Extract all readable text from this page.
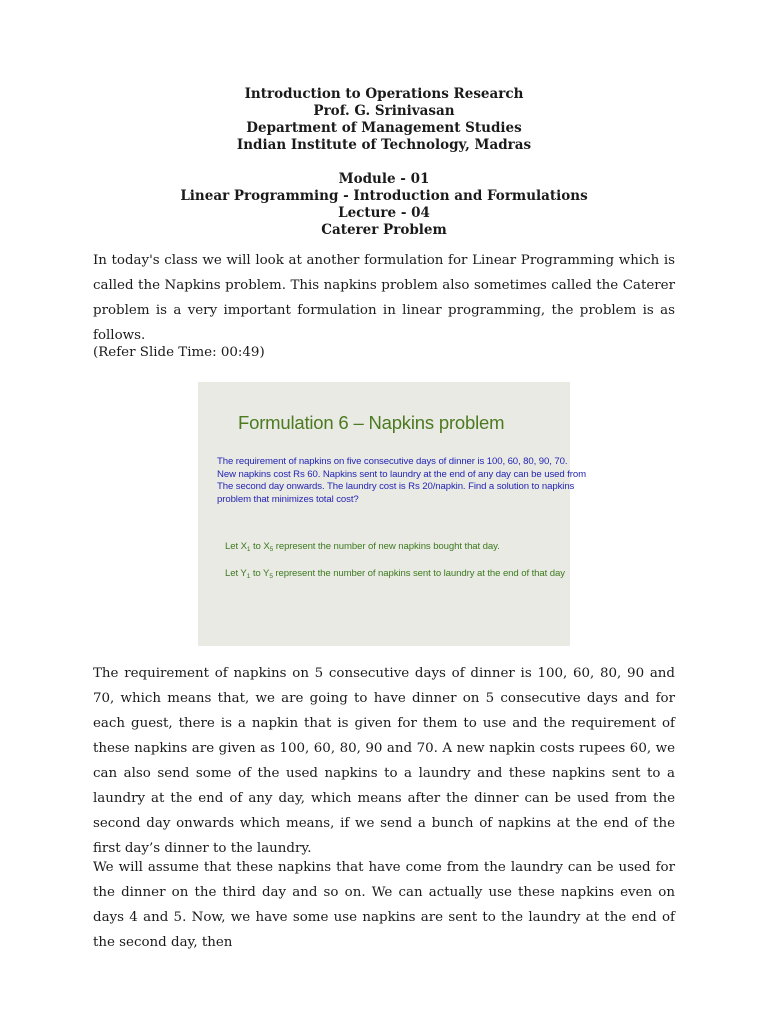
Introduction to Operations Research
Prof. G. Srinivasan
Department of Management Studies
Indian Institute of Technology, Madras
Module - 01
Linear Programming - Introduction and Formulations
Lecture - 04
Caterer Problem

In today's class we will look at another formulation for Linear Programming which is called the Napkins problem. This napkins problem also sometimes called the Caterer problem is a very important formulation in linear programming, the problem is as follows.

(Refer Slide Time: 00:49)

Formulation 6 – Napkins problem
The requirement of napkins on five consecutive days of dinner is 100, 60, 80, 90, 70.
New napkins cost Rs 60. Napkins sent to laundry at the end of any day can be used from
The second day onwards. The laundry cost is Rs 20/napkin. Find a solution to napkins
problem that minimizes total cost?
Let $X_1$ to $X_5$ represent the number of new napkins bought that day.
Let $Y_1$ to $Y_5$ represent the number of napkins sent to laundry at the end of that day

The requirement of napkins on 5 consecutive days of dinner is 100, 60, 80, 90 and 70, which means that, we are going to have dinner on 5 consecutive days and for each guest, there is a napkin that is given for them to use and the requirement of these napkins are given as 100, 60, 80, 90 and 70. A new napkin costs rupees 60, we can also send some of the used napkins to a laundry and these napkins sent to a laundry at the end of any day, which means after the dinner can be used from the second day onwards which means, if we send a bunch of napkins at the end of the first day’s dinner to the laundry.

We will assume that these napkins that have come from the laundry can be used for the dinner on the third day and so on. We can actually use these napkins even on days 4 and 5. Now, we have some use napkins are sent to the laundry at the end of the second day, then
